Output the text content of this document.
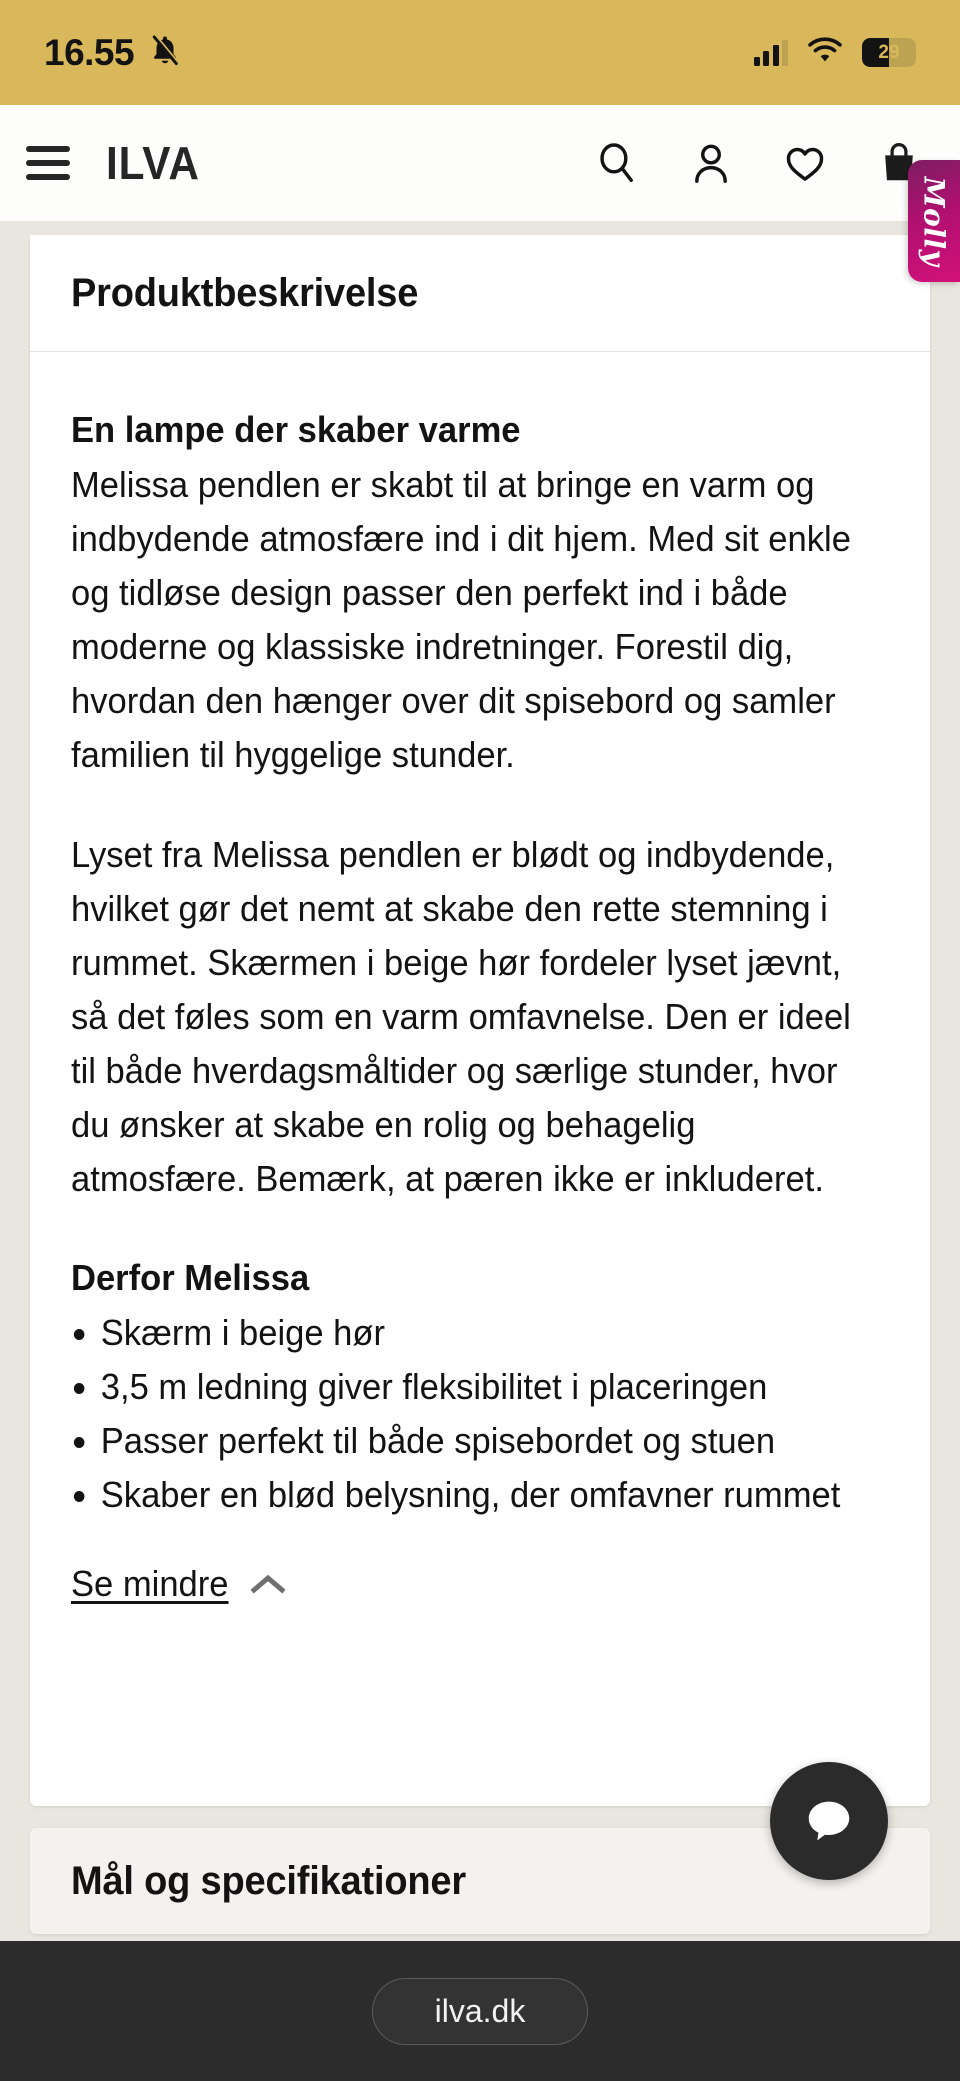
16.55	29
ILVA
Molly
Produktbeskrivelse
En lampe der skaber varme

Melissa pendlen er skabt til at bringe en varm og indbydende atmosfære ind i dit hjem. Med sit enkle og tidløse design passer den perfekt ind i både moderne og klassiske indretninger. Forestil dig, hvordan den hænger over dit spisebord og samler familien til hyggelige stunder.

Lyset fra Melissa pendlen er blødt og indbydende, hvilket gør det nemt at skabe den rette stemning i rummet. Skærmen i beige hør fordeler lyset jævnt, så det føles som en varm omfavnelse. Den er ideel til både hverdagsmåltider og særlige stunder, hvor du ønsker at skabe en rolig og behagelig atmosfære. Bemærk, at pæren ikke er inkluderet.

Derfor Melissa
Skærm i beige hør
3,5 m ledning giver fleksibilitet i placeringen
Passer perfekt til både spisebordet og stuen
Skaber en blød belysning, der omfavner rummet
Se mindre
Mål og specifikationer
ilva.dk
